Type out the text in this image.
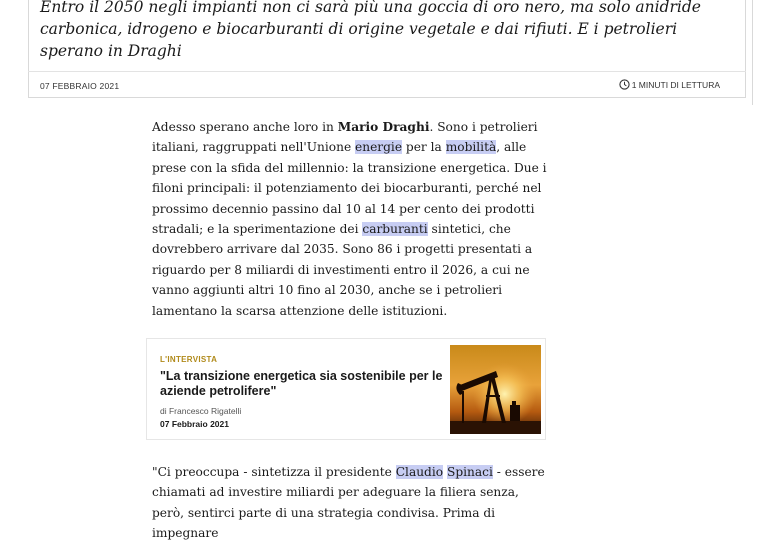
Entro il 2050 negli impianti non ci sarà più una goccia di oro nero, ma solo anidride carbonica, idrogeno e biocarburanti di origine vegetale e dai rifiuti. E i petrolieri sperano in Draghi

07 FEBBRAIO 2021	1 MINUTI DI LETTURA

Adesso sperano anche loro in Mario Draghi. Sono i petrolieri italiani, raggruppati nell'Unione energie per la mobilità, alle prese con la sfida del millennio: la transizione energetica. Due i filoni principali: il potenziamento dei biocarburanti, perché nel prossimo decennio passino dal 10 al 14 per cento dei prodotti stradali; e la sperimentazione dei carburanti sintetici, che dovrebbero arrivare dal 2035. Sono 86 i progetti presentati a riguardo per 8 miliardi di investimenti entro il 2026, a cui ne vanno aggiunti altri 10 fino al 2030, anche se i petrolieri lamentano la scarsa attenzione delle istituzioni.

L'INTERVISTA

"La transizione energetica sia sostenibile per le aziende petrolifere"

di Francesco Rigatelli
07 Febbraio 2021

"Ci preoccupa - sintetizza il presidente Claudio Spinaci - essere chiamati ad investire miliardi per adeguare la filiera senza, però, sentirci parte di una strategia condivisa. Prima di impegnare
